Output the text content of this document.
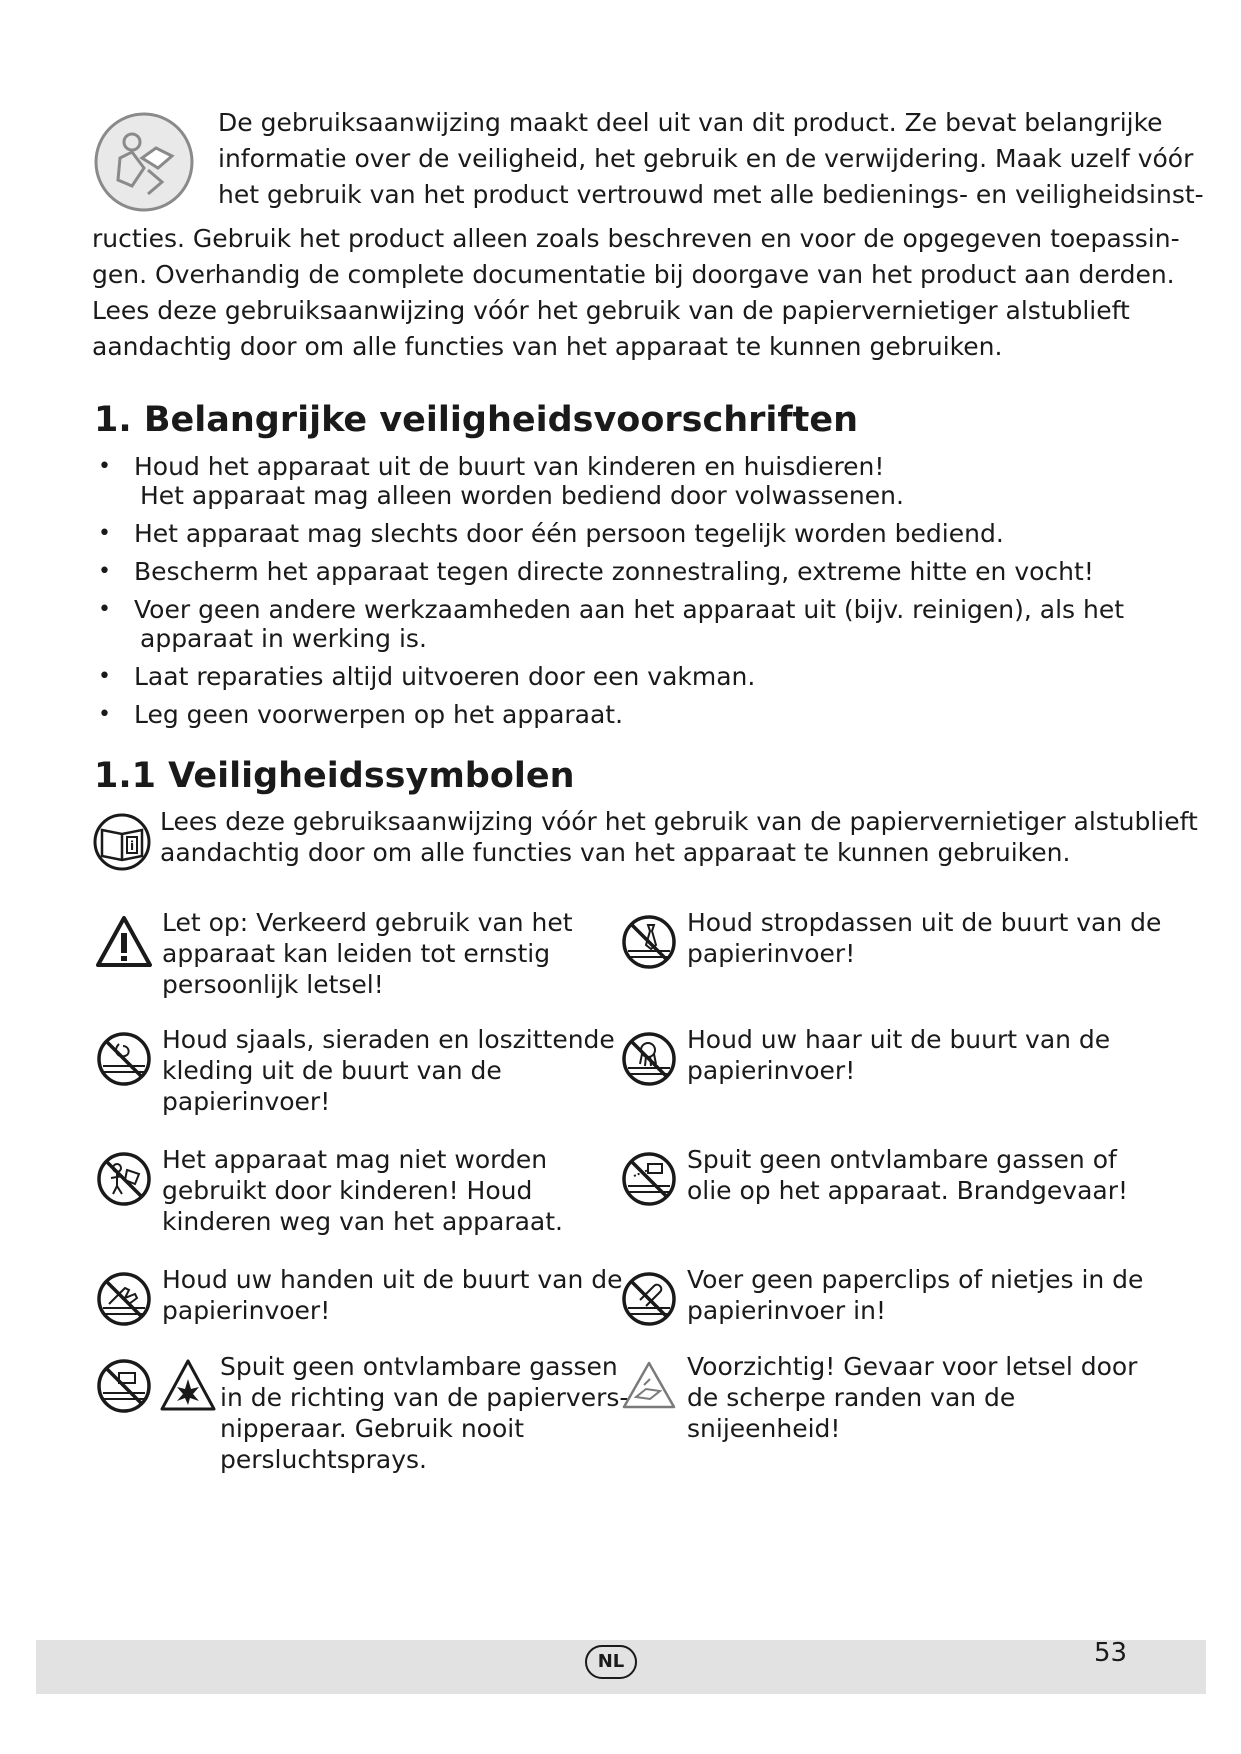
De gebruiksaanwijzing maakt deel uit van dit product. Ze bevat belangrijke
informatie over de veiligheid, het gebruik en de verwijdering. Maak uzelf vóór
het gebruik van het product vertrouwd met alle bedienings- en veiligheidsinst-
ructies. Gebruik het product alleen zoals beschreven en voor de opgegeven toepassin-
gen. Overhandig de complete documentatie bij doorgave van het product aan derden.
Lees deze gebruiksaanwijzing vóór het gebruik van de papiervernietiger alstublieft
aandachtig door om alle functies van het apparaat te kunnen gebruiken.
1. Belangrijke veiligheidsvoorschriften
• Houd het apparaat uit de buurt van kinderen en huisdieren!
Het apparaat mag alleen worden bediend door volwassenen.
• Het apparaat mag slechts door één persoon tegelijk worden bediend.
• Bescherm het apparaat tegen directe zonnestraling, extreme hitte en vocht!
• Voer geen andere werkzaamheden aan het apparaat uit (bijv. reinigen), als het
apparaat in werking is.
• Laat reparaties altijd uitvoeren door een vakman.
• Leg geen voorwerpen op het apparaat.
1.1 Veiligheidssymbolen
i
Lees deze gebruiksaanwijzing vóór het gebruik van de papiervernietiger alstublieft
aandachtig door om alle functies van het apparaat te kunnen gebruiken.
Let op: Verkeerd gebruik van het
apparaat kan leiden tot ernstig
persoonlijk letsel!
Houd sjaals, sieraden en loszittende
kleding uit de buurt van de
papierinvoer!
Het apparaat mag niet worden
gebruikt door kinderen! Houd
kinderen weg van het apparaat.
Houd uw handen uit de buurt van de
papierinvoer!
Spuit geen ontvlambare gassen
in de richting van de papiervers-
nipperaar. Gebruik nooit
persluchtsprays.
Houd stropdassen uit de buurt van de
papierinvoer!
Houd uw haar uit de buurt van de
papierinvoer!
Spuit geen ontvlambare gassen of
olie op het apparaat. Brandgevaar!
Voer geen paperclips of nietjes in de
papierinvoer in!
Voorzichtig! Gevaar voor letsel door
de scherpe randen van de
snijeenheid!
NL	53
